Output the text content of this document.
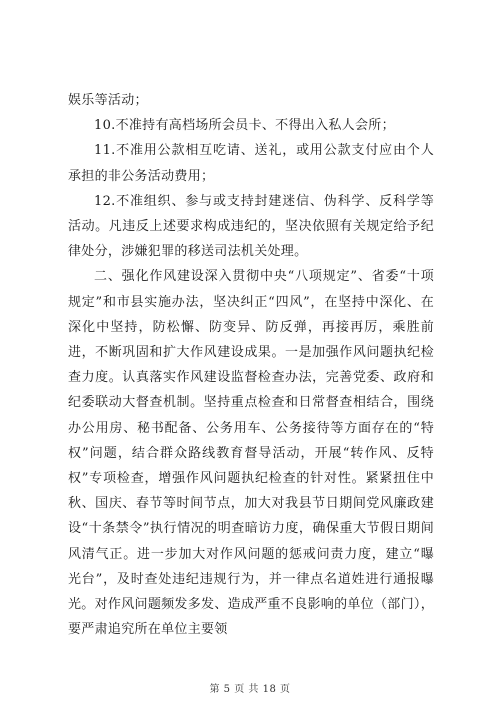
娱乐等活动；

10.不准持有高档场所会员卡、不得出入私人会所；

11.不准用公款相互吃请、送礼，或用公款支付应由个人承担的非公务活动费用；

12.不准组织、参与或支持封建迷信、伪科学、反科学等活动。凡违反上述要求构成违纪的，坚决依照有关规定给予纪律处分，涉嫌犯罪的移送司法机关处理。

二、强化作风建设深入贯彻中央“八项规定”、省委“十项规定”和市县实施办法，坚决纠正“四风”，在坚持中深化、在深化中坚持，防松懈、防变异、防反弹，再接再厉，乘胜前进，不断巩固和扩大作风建设成果。一是加强作风问题执纪检查力度。认真落实作风建设监督检查办法，完善党委、政府和纪委联动大督查机制。坚持重点检查和日常督查相结合，围绕办公用房、秘书配备、公务用车、公务接待等方面存在的“特权”问题，结合群众路线教育督导活动，开展“转作风、反特权”专项检查，增强作风问题执纪检查的针对性。紧紧扭住中秋、国庆、春节等时间节点，加大对我县节日期间党风廉政建设“十条禁令”执行情况的明查暗访力度，确保重大节假日期间风清气正。进一步加大对作风问题的惩戒问责力度，建立“曝光台”，及时查处违纪违规行为，并一律点名道姓进行通报曝光。对作风问题频发多发、造成严重不良影响的单位（部门），要严肃追究所在单位主要领

第 5 页 共 18 页
